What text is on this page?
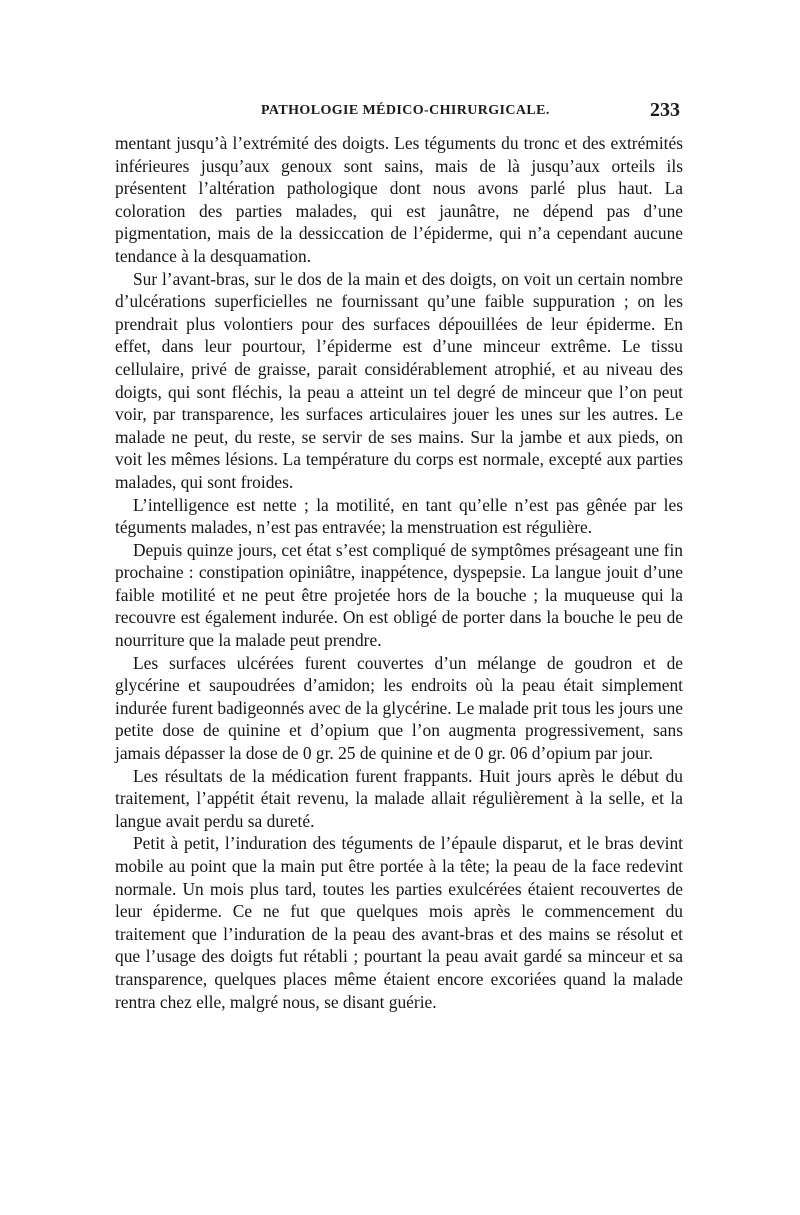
PATHOLOGIE MÉDICO-CHIRURGICALE.	233

mentant jusqu’à l’extrémité des doigts. Les téguments du tronc et des extrémités inférieures jusqu’aux genoux sont sains, mais de là jusqu’aux orteils ils présentent l’altération pathologique dont nous avons parlé plus haut. La coloration des parties malades, qui est jaunâtre, ne dépend pas d’une pigmentation, mais de la dessiccation de l’épiderme, qui n’a cependant aucune tendance à la desquamation.

Sur l’avant-bras, sur le dos de la main et des doigts, on voit un certain nombre d’ulcérations superficielles ne fournissant qu’une faible suppuration ; on les prendrait plus volontiers pour des surfaces dépouillées de leur épiderme. En effet, dans leur pourtour, l’épiderme est d’une minceur extrême. Le tissu cellulaire, privé de graisse, parait considérablement atrophié, et au niveau des doigts, qui sont fléchis, la peau a atteint un tel degré de minceur que l’on peut voir, par transparence, les surfaces articulaires jouer les unes sur les autres. Le malade ne peut, du reste, se servir de ses mains. Sur la jambe et aux pieds, on voit les mêmes lésions. La température du corps est normale, excepté aux parties malades, qui sont froides.

L’intelligence est nette ; la motilité, en tant qu’elle n’est pas gênée par les téguments malades, n’est pas entravée; la menstruation est régulière.

Depuis quinze jours, cet état s’est compliqué de symptômes présageant une fin prochaine : constipation opiniâtre, inappétence, dyspepsie. La langue jouit d’une faible motilité et ne peut être projetée hors de la bouche ; la muqueuse qui la recouvre est également indurée. On est obligé de porter dans la bouche le peu de nourriture que la malade peut prendre.

Les surfaces ulcérées furent couvertes d’un mélange de goudron et de glycérine et saupoudrées d’amidon; les endroits où la peau était simplement indurée furent badigeonnés avec de la glycérine. Le malade prit tous les jours une petite dose de quinine et d’opium que l’on augmenta progressivement, sans jamais dépasser la dose de 0 gr. 25 de quinine et de 0 gr. 06 d’opium par jour.

Les résultats de la médication furent frappants. Huit jours après le début du traitement, l’appétit était revenu, la malade allait régulièrement à la selle, et la langue avait perdu sa dureté.

Petit à petit, l’induration des téguments de l’épaule disparut, et le bras devint mobile au point que la main put être portée à la tête; la peau de la face redevint normale. Un mois plus tard, toutes les parties exulcérées étaient recouvertes de leur épiderme. Ce ne fut que quelques mois après le commencement du traitement que l’induration de la peau des avant-bras et des mains se résolut et que l’usage des doigts fut rétabli ; pourtant la peau avait gardé sa minceur et sa transparence, quelques places même étaient encore excoriées quand la malade rentra chez elle, malgré nous, se disant guérie.
